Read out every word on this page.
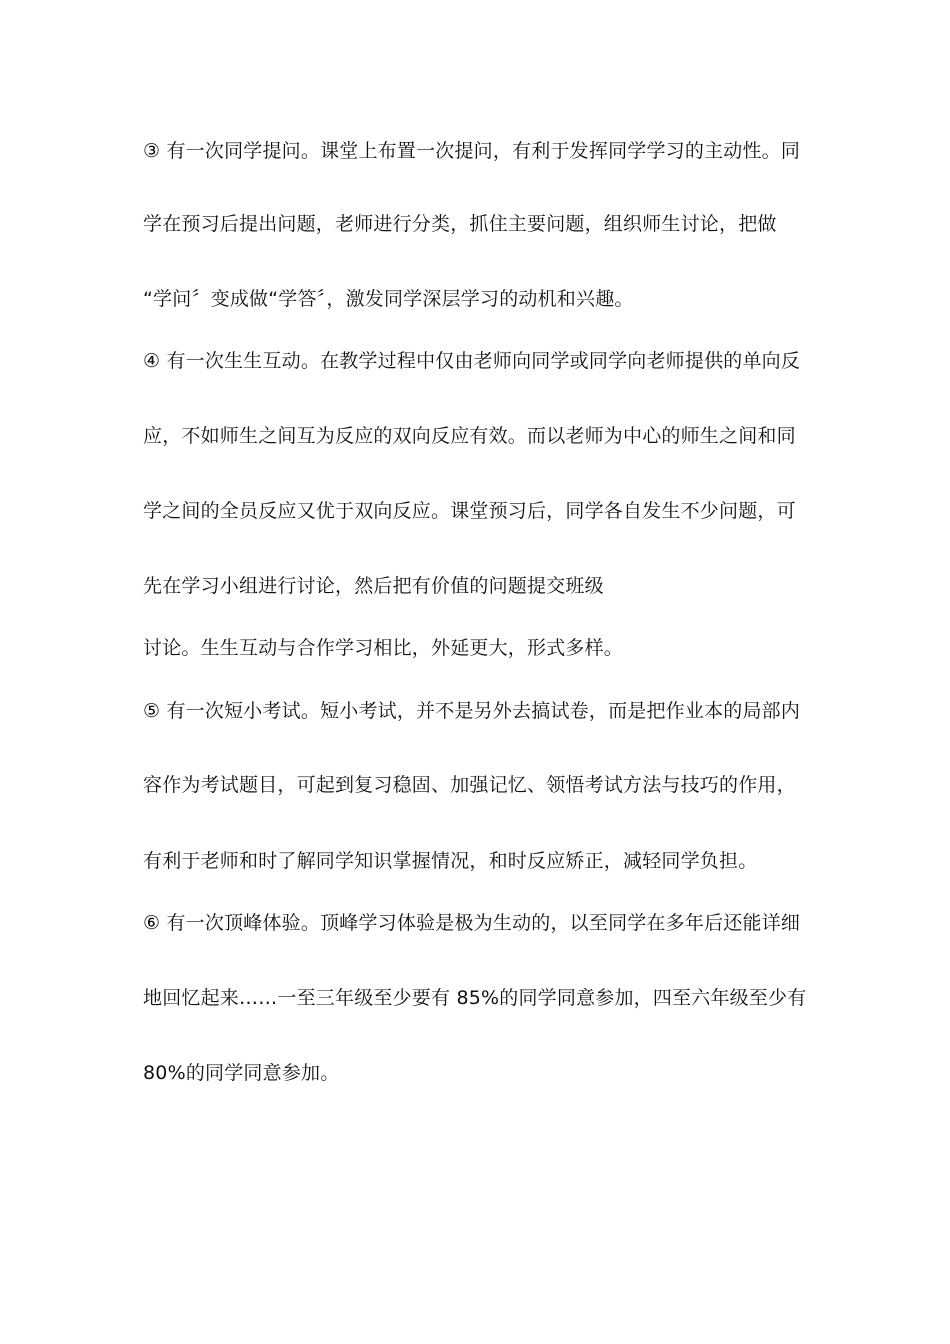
③ 有一次同学提问。课堂上布置一次提问，有利于发挥同学学习的主动性。同
学在预习后提出问题，老师进行分类，抓住主要问题，组织师生讨论，把做
“学问〞变成做“学答〞，激发同学深层学习的动机和兴趣。
④ 有一次生生互动。在教学过程中仅由老师向同学或同学向老师提供的单向反
应，不如师生之间互为反应的双向反应有效。而以老师为中心的师生之间和同
学之间的全员反应又优于双向反应。课堂预习后，同学各自发生不少问题，可
先在学习小组进行讨论，然后把有价值的问题提交班级
讨论。生生互动与合作学习相比，外延更大，形式多样。
⑤ 有一次短小考试。短小考试，并不是另外去搞试卷，而是把作业本的局部内
容作为考试题目，可起到复习稳固、加强记忆、领悟考试方法与技巧的作用，
有利于老师和时了解同学知识掌握情况，和时反应矫正，减轻同学负担。
⑥ 有一次顶峰体验。顶峰学习体验是极为生动的，以至同学在多年后还能详细
地回忆起来……一至三年级至少要有 85%的同学同意参加，四至六年级至少有
80%的同学同意参加。
